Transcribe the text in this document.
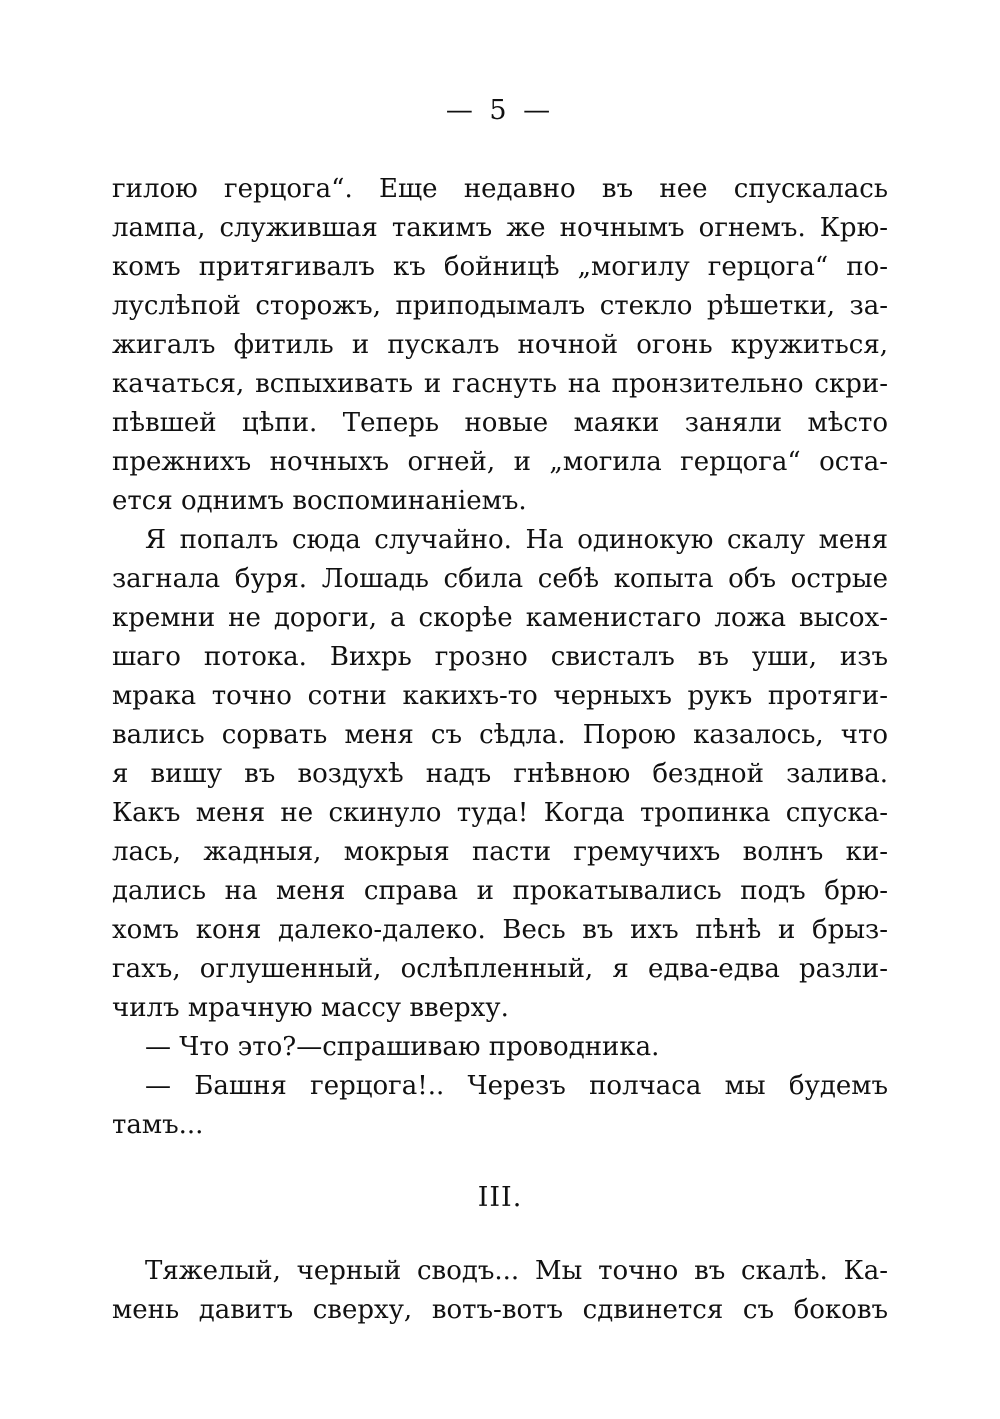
— 5 —
гилою герцога“. Еще недавно въ нее спускалась
лампа, служившая такимъ же ночнымъ огнемъ. Крю-
комъ притягивалъ къ бойницѣ „могилу герцога“ по-
луслѣпой сторожъ, приподымалъ стекло рѣшетки, за-
жигалъ фитиль и пускалъ ночной огонь кружиться,
качаться, вспыхивать и гаснуть на пронзительно скри-
пѣвшей цѣпи. Теперь новые маяки заняли мѣсто
прежнихъ ночныхъ огней, и „могила герцога“ оста-
ется однимъ воспоминаніемъ.
Я попалъ сюда случайно. На одинокую скалу меня
загнала буря. Лошадь сбила себѣ копыта объ острые
кремни не дороги, а скорѣе каменистаго ложа высох-
шаго потока. Вихрь грозно свисталъ въ уши, изъ
мрака точно сотни какихъ-то черныхъ рукъ протяги-
вались сорвать меня съ сѣдла. Порою казалось, что
я вишу въ воздухѣ надъ гнѣвною бездной залива.
Какъ меня не скинуло туда! Когда тропинка спуска-
лась, жадныя, мокрыя пасти гремучихъ волнъ ки-
дались на меня справа и прокатывались подъ брю-
хомъ коня далеко-далеко. Весь въ ихъ пѣнѣ и брыз-
гахъ, оглушенный, ослѣпленный, я едва-едва разли-
чилъ мрачную массу вверху.
— Что это?—спрашиваю проводника.
— Башня герцога!.. Черезъ полчаса мы будемъ
тамъ...
III.
Тяжелый, черный сводъ... Мы точно въ скалѣ. Ка-
мень давитъ сверху, вотъ-вотъ сдвинется съ боковъ
